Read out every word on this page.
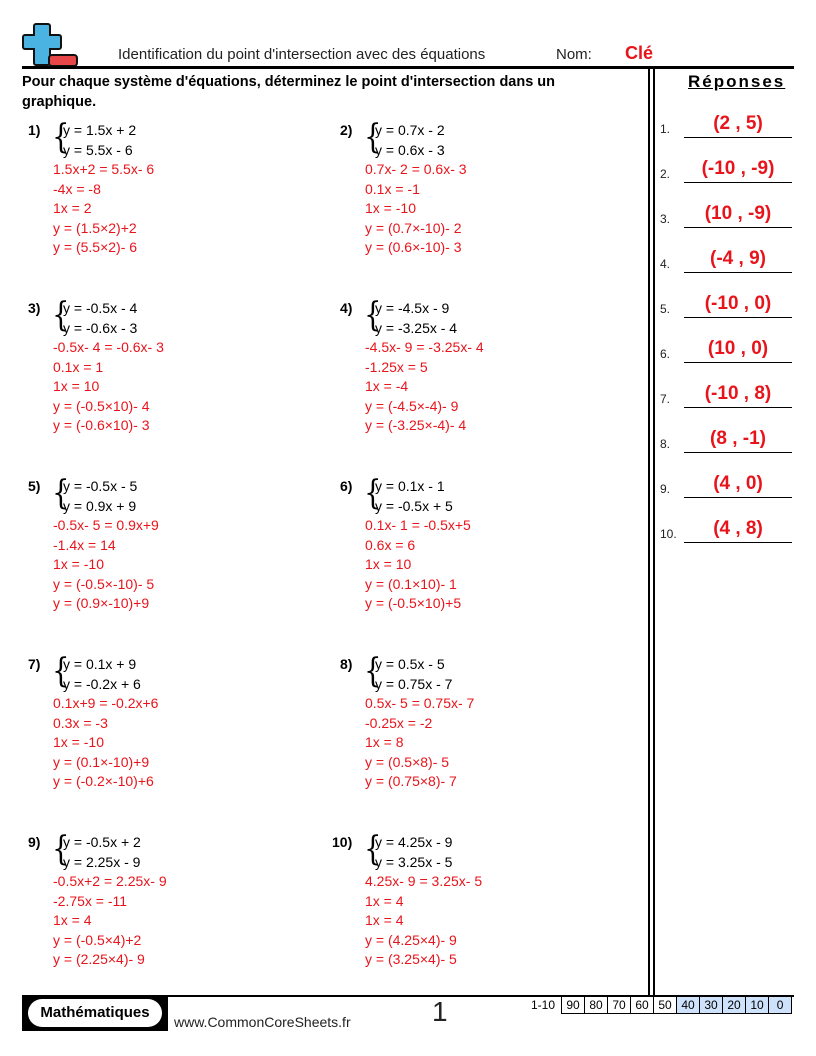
Identification du point d'intersection avec des équations	Nom: Clé
Pour chaque système d'équations, déterminez le point d'intersection dans un graphique.
Réponses
1.	(2 , 5)
2.	(-10 , -9)
3.	(10 , -9)
4.	(-4 , 9)
5.	(-10 , 0)
6.	(10 , 0)
7.	(-10 , 8)
8.	(8 , -1)
9.	(4 , 0)
10.	(4 , 8)
1) {
y = 1.5x + 2
y = 5.5x - 6
1.5x+2 = 5.5x- 6
-4x = -8
1x = 2
y = (1.5×2)+2
y = (5.5×2)- 6
2) {
y = 0.7x - 2
y = 0.6x - 3
0.7x- 2 = 0.6x- 3
0.1x = -1
1x = -10
y = (0.7×-10)- 2
y = (0.6×-10)- 3
3) {
y = -0.5x - 4
y = -0.6x - 3
-0.5x- 4 = -0.6x- 3
0.1x = 1
1x = 10
y = (-0.5×10)- 4
y = (-0.6×10)- 3
4) {
y = -4.5x - 9
y = -3.25x - 4
-4.5x- 9 = -3.25x- 4
-1.25x = 5
1x = -4
y = (-4.5×-4)- 9
y = (-3.25×-4)- 4
5) {
y = -0.5x - 5
y = 0.9x + 9
-0.5x- 5 = 0.9x+9
-1.4x = 14
1x = -10
y = (-0.5×-10)- 5
y = (0.9×-10)+9
6) {
y = 0.1x - 1
y = -0.5x + 5
0.1x- 1 = -0.5x+5
0.6x = 6
1x = 10
y = (0.1×10)- 1
y = (-0.5×10)+5
7) {
y = 0.1x + 9
y = -0.2x + 6
0.1x+9 = -0.2x+6
0.3x = -3
1x = -10
y = (0.1×-10)+9
y = (-0.2×-10)+6
8) {
y = 0.5x - 5
y = 0.75x - 7
0.5x- 5 = 0.75x- 7
-0.25x = -2
1x = 8
y = (0.5×8)- 5
y = (0.75×8)- 7
9) {
y = -0.5x + 2
y = 2.25x - 9
-0.5x+2 = 2.25x- 9
-2.75x = -11
1x = 4
y = (-0.5×4)+2
y = (2.25×4)- 9
10) {
y = 4.25x - 9
y = 3.25x - 5
4.25x- 9 = 3.25x- 5
1x = 4
1x = 4
y = (4.25×4)- 9
y = (3.25×4)- 5
Mathématiques
www.CommonCoreSheets.fr	1	1-10	90	80	70	60	50	40	30	20	10	0
